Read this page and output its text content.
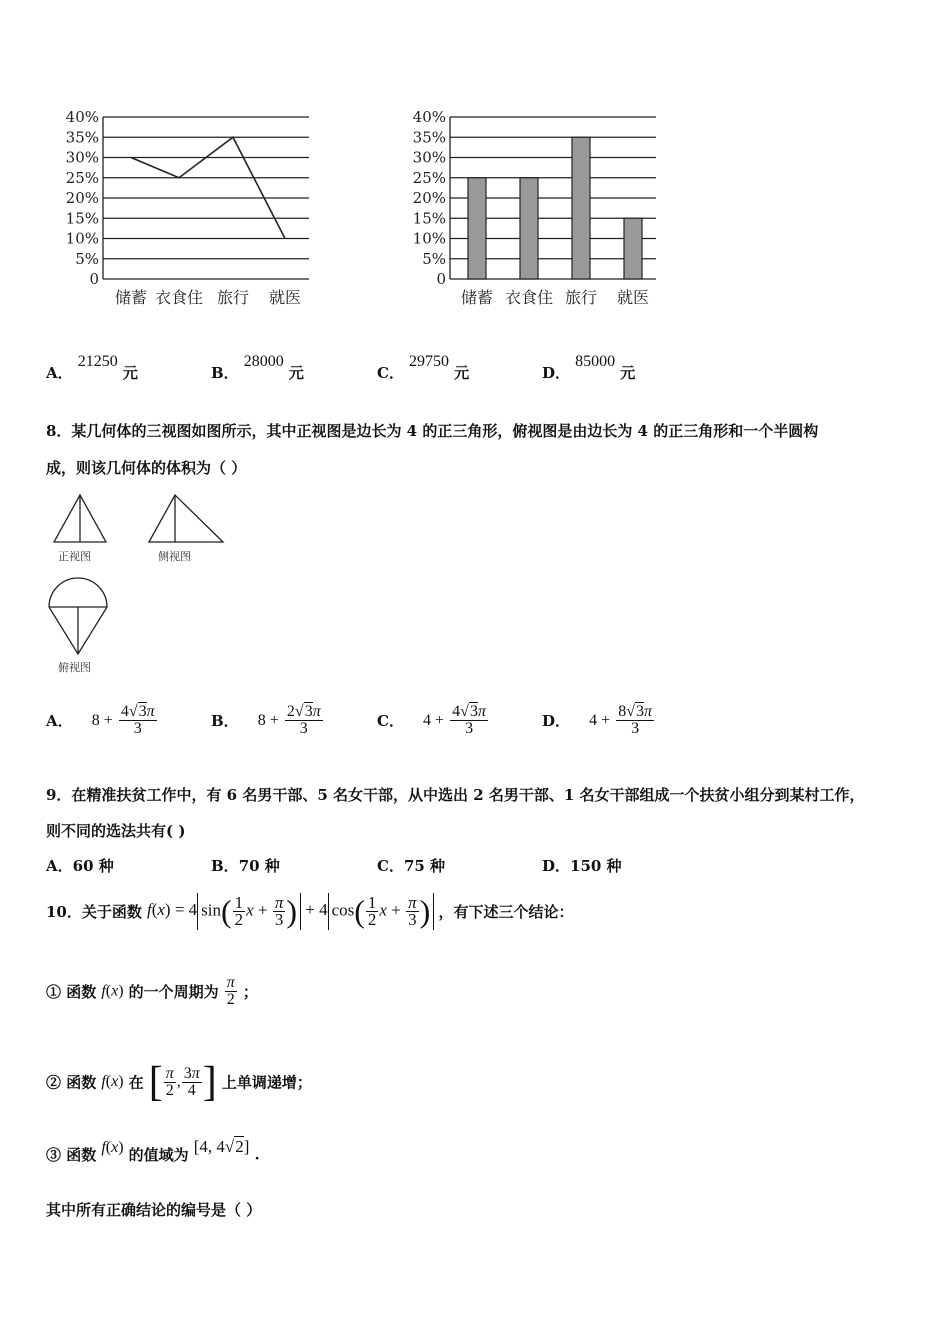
40%
35%
30%
25%
20%
15%
10%
5%
0
储蓄 衣食住 旅行 就医
40%
35%
30%
25%
20%
15%
10%
5%
0
储蓄 衣食住 旅行 就医
A． 21250 元	B． 28000 元	C． 29750 元	D． 85000 元
8．某几何体的三视图如图所示，其中正视图是边长为 4 的正三角形，俯视图是由边长为 4 的正三角形和一个半圆构
成，则该几何体的体积为（ ）
正视图	侧视图
俯视图
A． $8 + \frac{4√3\pi}{3}$	B． $8 + \frac{2√3\pi}{3}$	C． $4 + \frac{4√3\pi}{3}$	D． $4 + \frac{8√3\pi}{3}$
9．在精准扶贫工作中，有 6 名男干部、5 名女干部，从中选出 2 名男干部、1 名女干部组成一个扶贫小组分到某村工作，
则不同的选法共有( )
A．60 种	B．70 种	C．75 种	D．150 种
10．关于函数 f(x) = 4 $\sin( \frac{1}{2}$ $x + \frac{\pi}{3}$ ) + 4 $\cos( \frac{1}{2}$ $x + \frac{\pi}{3}$ ) ，有下述三个结论：
① 函数 f(x) 的一个周期为 $\frac{\pi}{2}$ ；
② 函数 f(x) 在 [ $\frac{\pi}{2}$ , $\frac{3\pi}{4}$ ] 上单调递增；
③ 函数 f(x) 的值域为 [4, 4√2] .
其中所有正确结论的编号是（ ）
